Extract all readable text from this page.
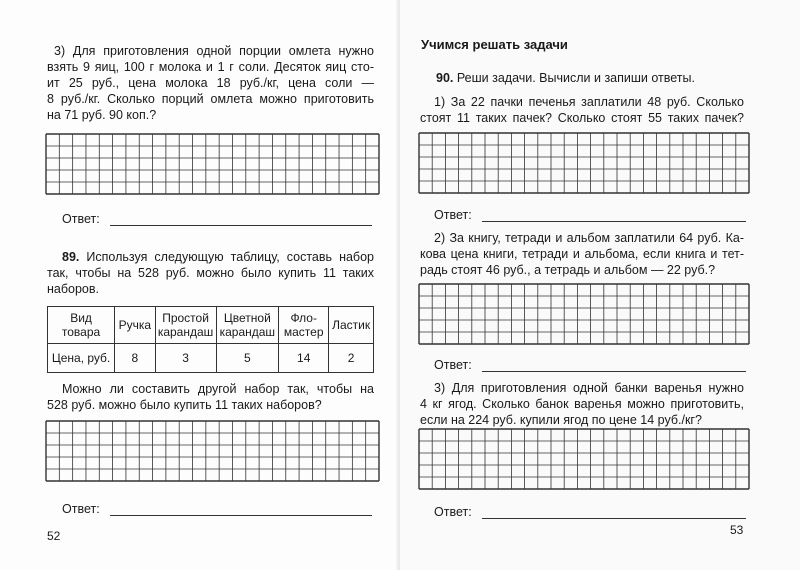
3) Для приготовления одной порции омлета нужно
взять 9 яиц, 100 г молока и 1 г соли. Десяток яиц сто-
ит 25 руб., цена молока 18 руб./кг, цена соли —
8 руб./кг. Сколько порций омлета можно приготовить
на 71 руб. 90 коп.?
Ответ:
89. Используя следующую таблицу, составь набор
так, чтобы на 528 руб. можно было купить 11 таких
наборов.
Вид товара	Ручка	Простой карандаш	Цветной карандаш	Фло-мастер	Ластик
Цена, руб.	8	3	5	14	2
Можно ли составить другой набор так, чтобы на
528 руб. можно было купить 11 таких наборов?
Ответ:
52
Учимся решать задачи
90. Реши задачи. Вычисли и запиши ответы.
1) За 22 пачки печенья заплатили 48 руб. Сколько
стоят 11 таких пачек? Сколько стоят 55 таких пачек?
Ответ:
2) За книгу, тетради и альбом заплатили 64 руб. Ка-
кова цена книги, тетради и альбома, если книга и тет-
радь стоят 46 руб., а тетрадь и альбом — 22 руб.?
Ответ:
3) Для приготовления одной банки варенья нужно
4 кг ягод. Сколько банок варенья можно приготовить,
если на 224 руб. купили ягод по цене 14 руб./кг?
Ответ:
53
